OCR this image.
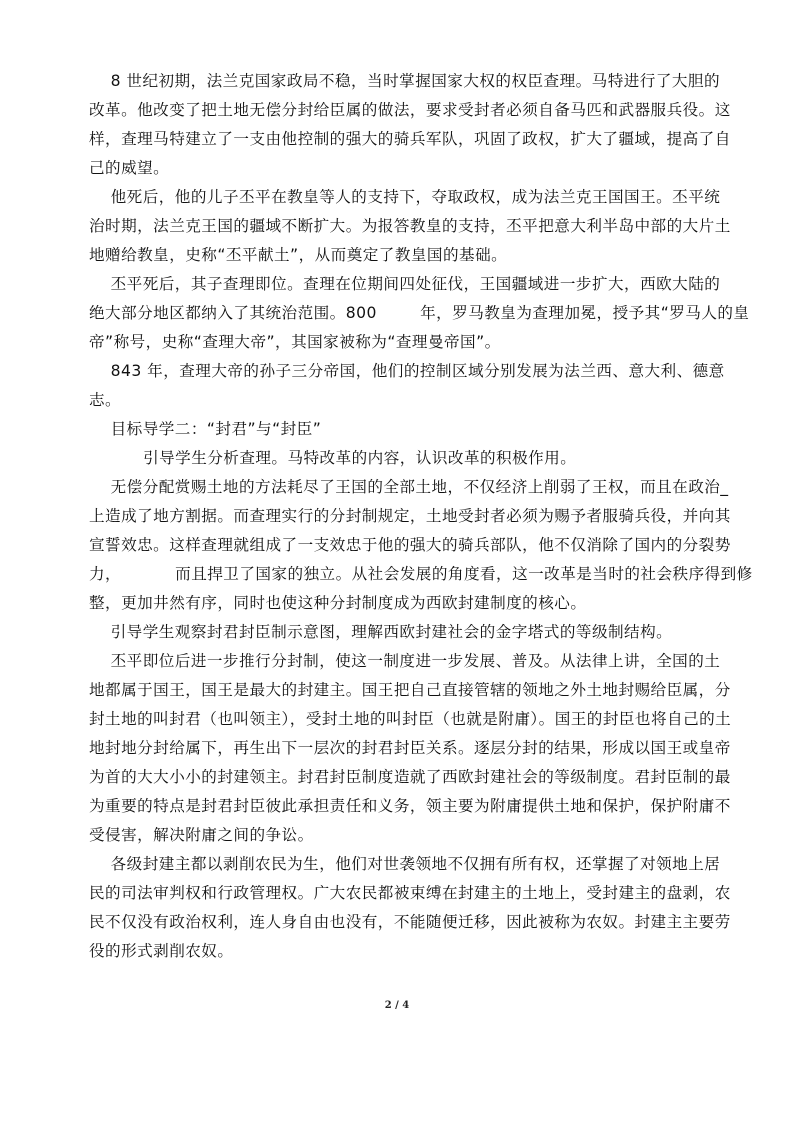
8 世纪初期，法兰克国家政局不稳，当时掌握国家大权的权臣查理。马特进行了大胆的
改革。他改变了把土地无偿分封给臣属的做法，要求受封者必须自备马匹和武器服兵役。这
样，查理马特建立了一支由他控制的强大的骑兵军队，巩固了政权，扩大了疆域，提高了自
己的威望。
他死后，他的儿子丕平在教皇等人的支持下，夺取政权，成为法兰克王国国王。丕平统
治时期，法兰克王国的疆域不断扩大。为报答教皇的支持，丕平把意大利半岛中部的大片土
地赠给教皇，史称“丕平献土”，从而奠定了教皇国的基础。
丕平死后，其子查理即位。查理在位期间四处征伐，王国疆域进一步扩大，西欧大陆的
绝大部分地区都纳入了其统治范围。800        年，罗马教皇为查理加冕，授予其“罗马人的皇
帝”称号，史称“查理大帝”，其国家被称为“查理曼帝国”。
843 年，查理大帝的孙子三分帝国，他们的控制区域分别发展为法兰西、意大利、德意
志。
目标导学二：“封君”与“封臣”
引导学生分析查理。马特改革的内容，认识改革的积极作用。
无偿分配赏赐土地的方法耗尽了王国的全部土地，不仅经济上削弱了王权，而且在政治_
上造成了地方割据。而查理实行的分封制规定，土地受封者必须为赐予者服骑兵役，并向其
宣誓效忠。这样查理就组成了一支效忠于他的强大的骑兵部队，他不仅消除了国内的分裂势
力，          而且捍卫了国家的独立。从社会发展的角度看，这一改革是当时的社会秩序得到修
整，更加井然有序，同时也使这种分封制度成为西欧封建制度的核心。
引导学生观察封君封臣制示意图，理解西欧封建社会的金字塔式的等级制结构。
丕平即位后进一步推行分封制，使这一制度进一步发展、普及。从法律上讲，全国的土
地都属于国王，国王是最大的封建主。国王把自己直接管辖的领地之外土地封赐给臣属，分
封土地的叫封君（也叫领主），受封土地的叫封臣（也就是附庸）。国王的封臣也将自己的土
地封地分封给属下，再生出下一层次的封君封臣关系。逐层分封的结果，形成以国王或皇帝
为首的大大小小的封建领主。封君封臣制度造就了西欧封建社会的等级制度。君封臣制的最
为重要的特点是封君封臣彼此承担责任和义务，领主要为附庸提供土地和保护，保护附庸不
受侵害，解决附庸之间的争讼。
各级封建主都以剥削农民为生，他们对世袭领地不仅拥有所有权，还掌握了对领地上居
民的司法审判权和行政管理权。广大农民都被束缚在封建主的土地上，受封建主的盘剥，农
民不仅没有政治权利，连人身自由也没有，不能随便迁移，因此被称为农奴。封建主主要劳
役的形式剥削农奴。
2 / 4
